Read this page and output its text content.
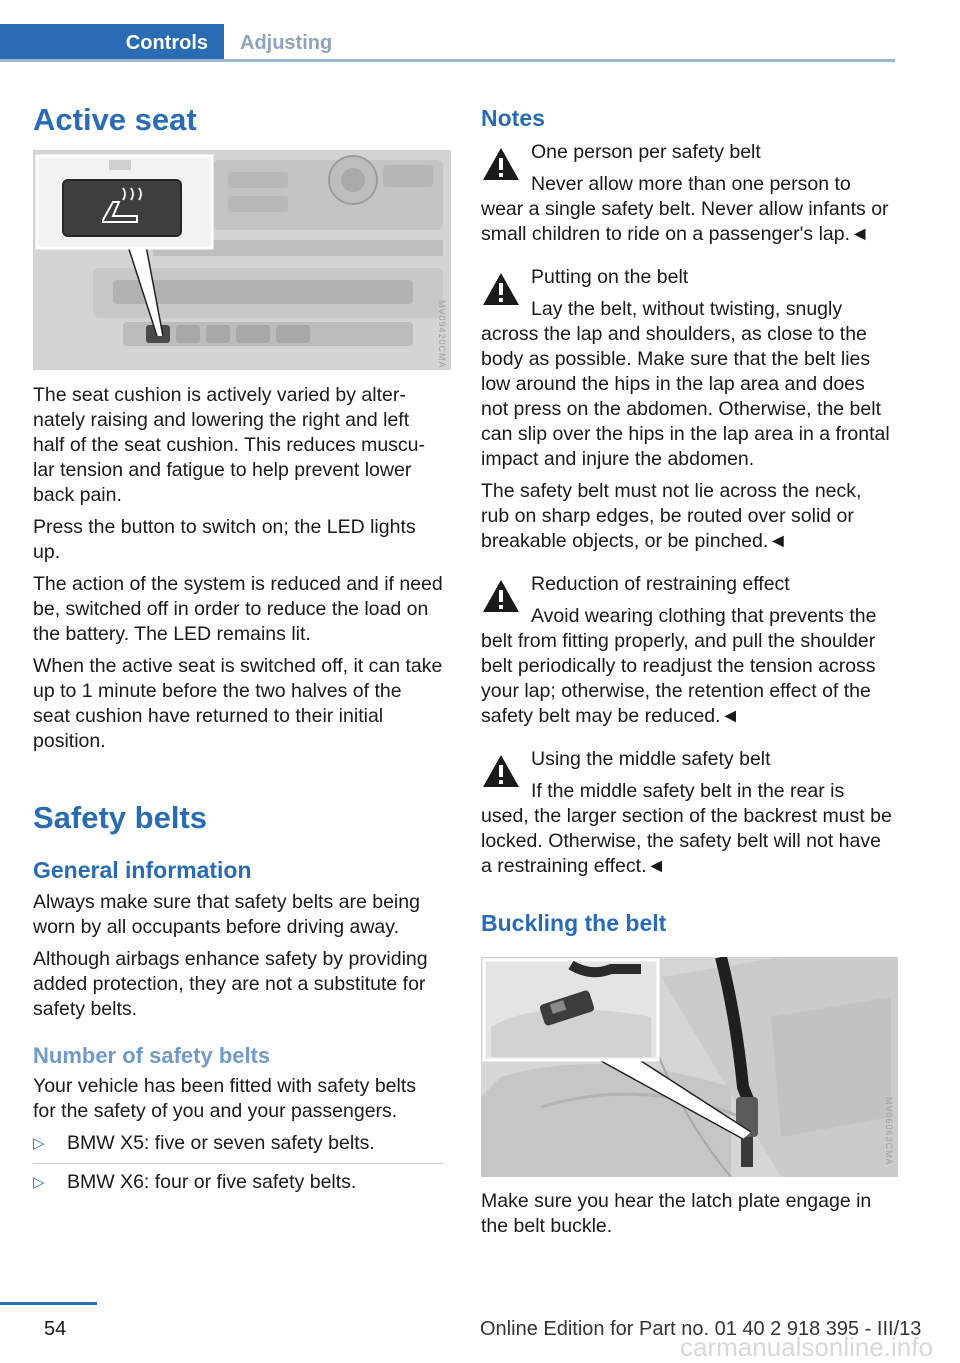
Controls	Adjusting
Active seat
MV09420CMA

The seat cushion is actively varied by alter‐nately raising and lowering the right and left half of the seat cushion. This reduces muscu‐lar tension and fatigue to help prevent lower back pain.

Press the button to switch on; the LED lights up.

The action of the system is reduced and if need be, switched off in order to reduce the load on the battery. The LED remains lit.

When the active seat is switched off, it can take up to 1 minute before the two halves of the seat cushion have returned to their initial position.

Safety belts
General information

Always make sure that safety belts are being worn by all occupants before driving away.

Although airbags enhance safety by providing added protection, they are not a substitute for safety belts.

Number of safety belts

Your vehicle has been fitted with safety belts for the safety of you and your passengers.

▷ BMW X5: five or seven safety belts.
▷ BMW X6: four or five safety belts.
Notes

One person per safety belt

Never allow more than one person to wear a single safety belt. Never allow infants or small children to ride on a passenger's lap.◄

Putting on the belt

Lay the belt, without twisting, snugly across the lap and shoulders, as close to the body as possible. Make sure that the belt lies low around the hips in the lap area and does not press on the abdomen. Otherwise, the belt can slip over the hips in the lap area in a frontal impact and injure the abdomen.

The safety belt must not lie across the neck, rub on sharp edges, be routed over solid or breakable objects, or be pinched.◄

Reduction of restraining effect

Avoid wearing clothing that prevents the belt from fitting properly, and pull the shoulder belt periodically to readjust the tension across your lap; otherwise, the retention effect of the safety belt may be reduced.◄

Using the middle safety belt

If the middle safety belt in the rear is used, the larger section of the backrest must be locked. Otherwise, the safety belt will not have a restraining effect.◄

Buckling the belt
MV06063CMA

Make sure you hear the latch plate engage in the belt buckle.

54	Online Edition for Part no. 01 40 2 918 395 - III/13
carmanualsonline.info
